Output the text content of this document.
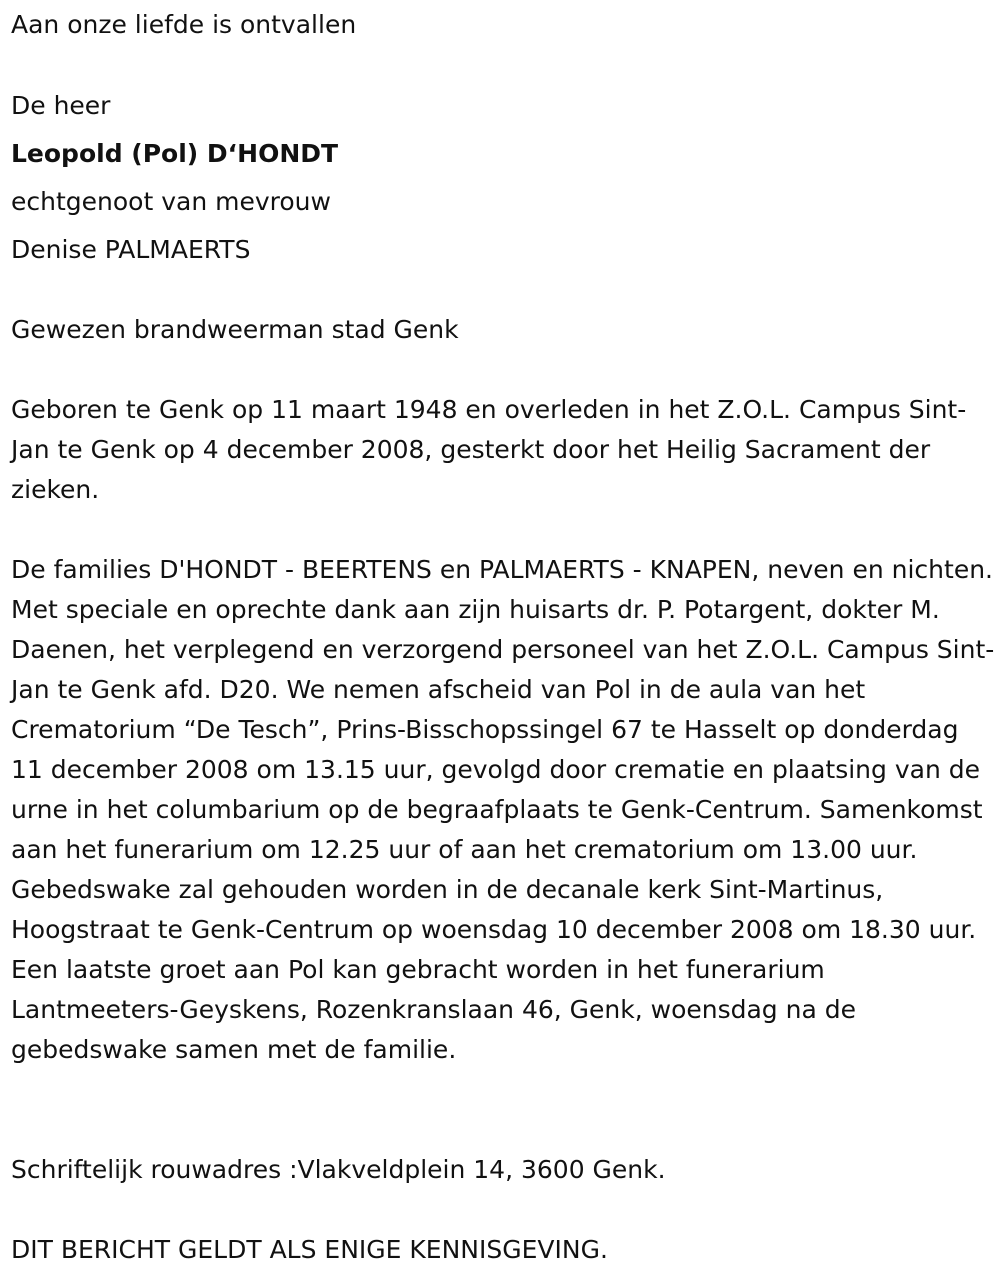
Aan onze liefde is ontvallen

De heer

Leopold (Pol) D‘HONDT

echtgenoot van mevrouw

Denise PALMAERTS

Gewezen brandweerman stad Genk

Geboren te Genk op 11 maart 1948 en overleden in het Z.O.L. Campus Sint-Jan te Genk op 4 december 2008, gesterkt door het Heilig Sacrament der zieken.

De families D'HONDT - BEERTENS en PALMAERTS - KNAPEN, neven en nichten. Met speciale en oprechte dank aan zijn huisarts dr. P. Potargent, dokter M. Daenen, het verplegend en verzorgend personeel van het Z.O.L. Campus Sint-Jan te Genk afd. D20. We nemen afscheid van Pol in de aula van het Crematorium “De Tesch”, Prins-Bisschopssingel 67 te Hasselt op donderdag 11 december 2008 om 13.15 uur, gevolgd door crematie en plaatsing van de urne in het columbarium op de begraafplaats te Genk-Centrum. Samenkomst aan het funerarium om 12.25 uur of aan het crematorium om 13.00 uur. Gebedswake zal gehouden worden in de decanale kerk Sint-Martinus, Hoogstraat te Genk-Centrum op woensdag 10 december 2008 om 18.30 uur. Een laatste groet aan Pol kan gebracht worden in het funerarium Lantmeeters-Geyskens, Rozenkranslaan 46, Genk, woensdag na de gebedswake samen met de familie.

Schriftelijk rouwadres :Vlakveldplein 14, 3600 Genk.

DIT BERICHT GELDT ALS ENIGE KENNISGEVING.
